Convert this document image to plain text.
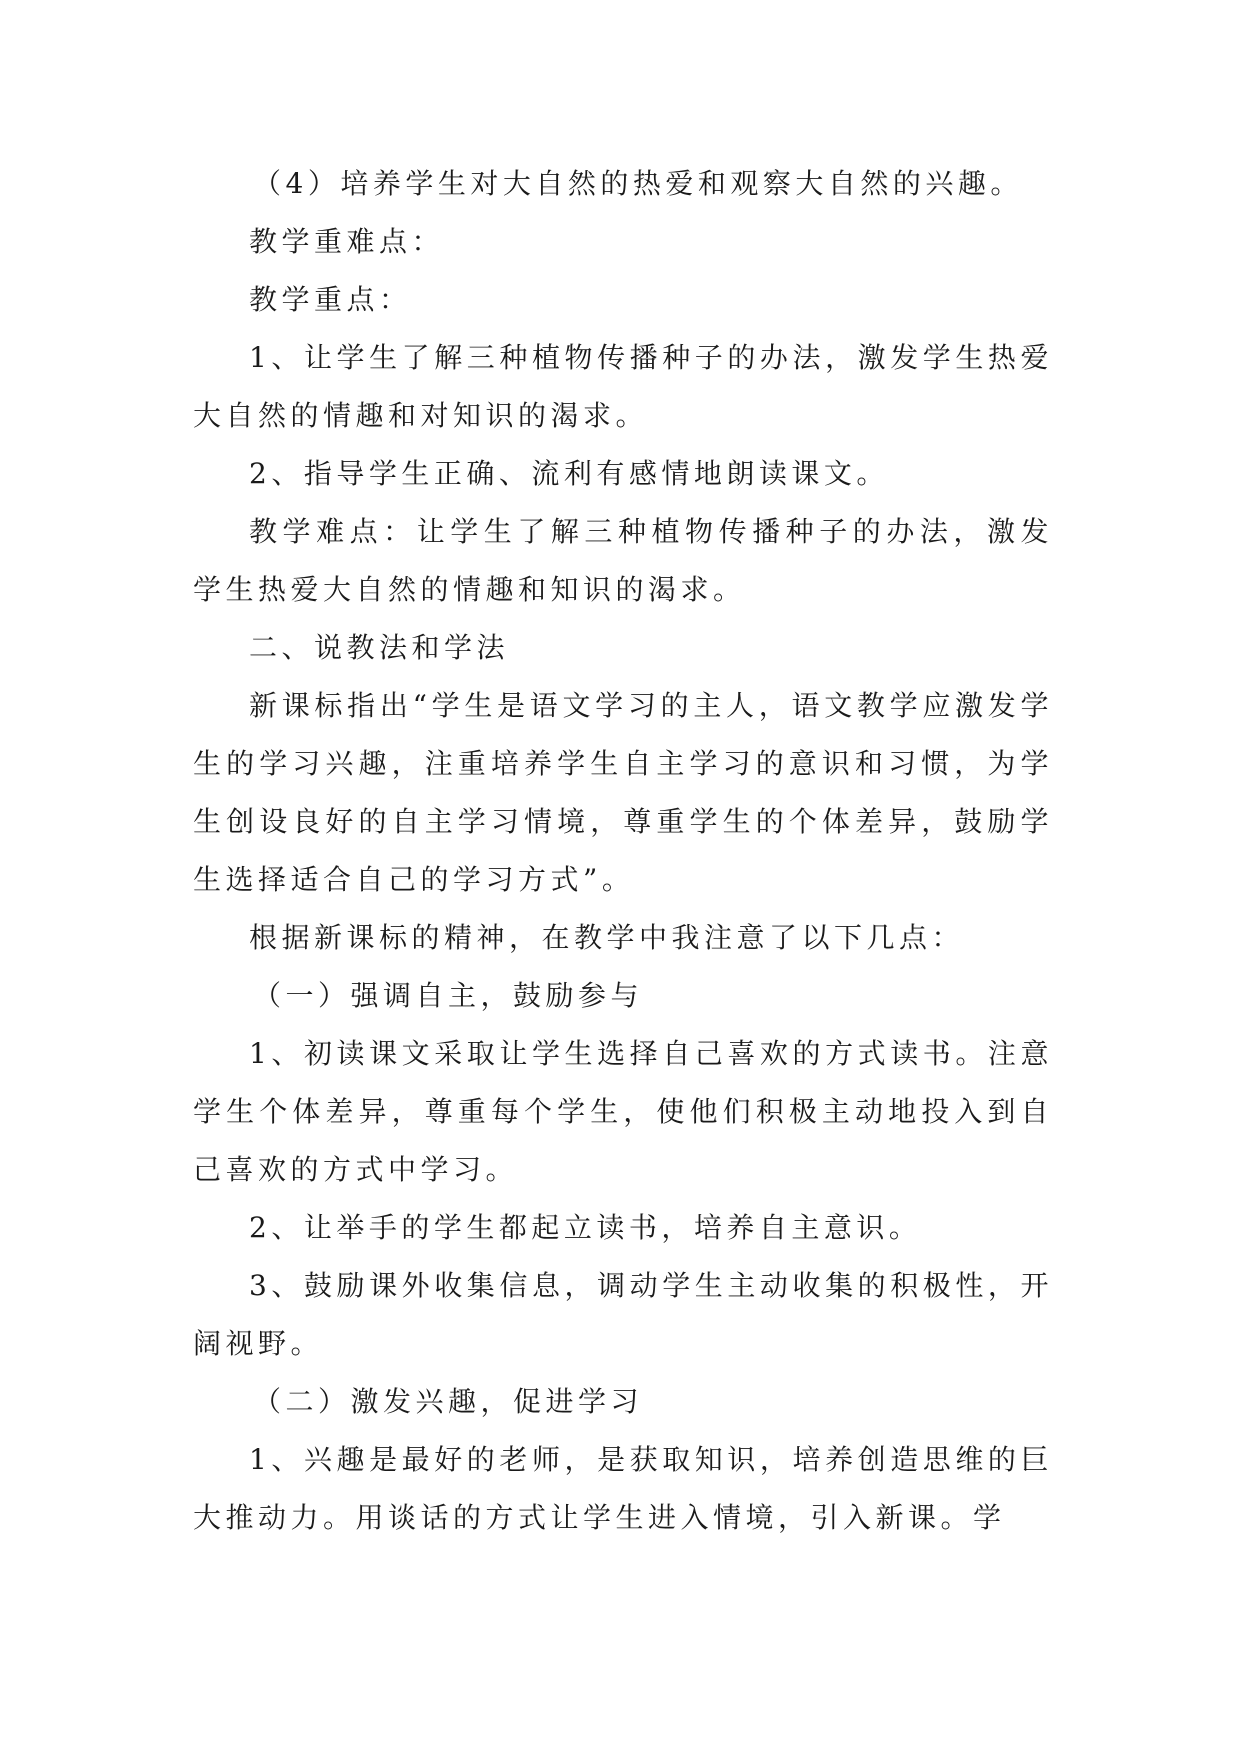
（4）培养学生对大自然的热爱和观察大自然的兴趣。

教学重难点：

教学重点：

1、让学生了解三种植物传播种子的办法，激发学生热爱大自然的情趣和对知识的渴求。

2、指导学生正确、流利有感情地朗读课文。

教学难点：让学生了解三种植物传播种子的办法，激发学生热爱大自然的情趣和知识的渴求。

二、说教法和学法

新课标指出“学生是语文学习的主人，语文教学应激发学生的学习兴趣，注重培养学生自主学习的意识和习惯，为学生创设良好的自主学习情境，尊重学生的个体差异，鼓励学生选择适合自己的学习方式”。

根据新课标的精神，在教学中我注意了以下几点：

（一）强调自主，鼓励参与

1、初读课文采取让学生选择自己喜欢的方式读书。注意学生个体差异，尊重每个学生，使他们积极主动地投入到自己喜欢的方式中学习。

2、让举手的学生都起立读书，培养自主意识。

3、鼓励课外收集信息，调动学生主动收集的积极性，开阔视野。

（二）激发兴趣，促进学习

1、兴趣是最好的老师，是获取知识，培养创造思维的巨大推动力。用谈话的方式让学生进入情境，引入新课。学
